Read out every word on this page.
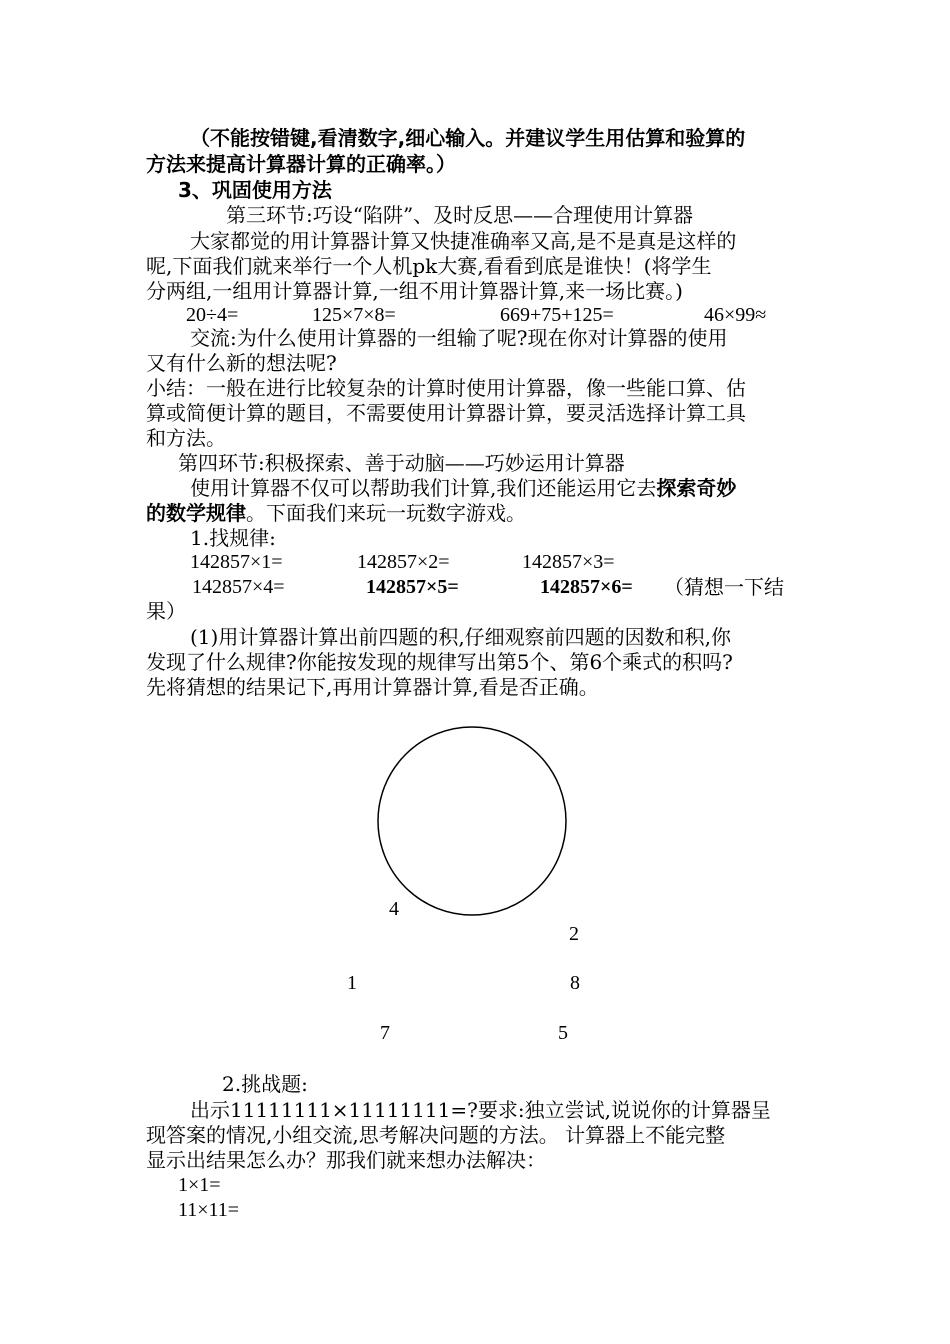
（不能按错键,看清数字,细心输入。并建议学生用估算和验算的
方法来提高计算器计算的正确率。）
3、巩固使用方法
第三环节:巧设“陷阱”、及时反思——合理使用计算器
大家都觉的用计算器计算又快捷准确率又高,是不是真是这样的
呢,下面我们就来举行一个人机pk大赛,看看到底是谁快！(将学生
分两组,一组用计算器计算,一组不用计算器计算,来一场比赛。)
20÷4=	125×7×8=	669+75+125=	46×99≈
交流:为什么使用计算器的一组输了呢?现在你对计算器的使用
又有什么新的想法呢?
小结：一般在进行比较复杂的计算时使用计算器，像一些能口算、估
算或简便计算的题目，不需要使用计算器计算，要灵活选择计算工具
和方法。
第四环节:积极探索、善于动脑——巧妙运用计算器
使用计算器不仅可以帮助我们计算,我们还能运用它去探索奇妙
的数学规律。下面我们来玩一玩数字游戏。
1.找规律:
142857×1=	142857×2=	142857×3=
142857×4=	142857×5=	142857×6= （猜想一下结
果）
(1)用计算器计算出前四题的积,仔细观察前四题的因数和积,你
发现了什么规律?你能按发现的规律写出第5个、第6个乘式的积吗?
先将猜想的结果记下,再用计算器计算,看是否正确。
4
2
1	8
7	5
2.挑战题:
出示11111111×11111111=?要求:独立尝试,说说你的计算器呈
现答案的情况,小组交流,思考解决问题的方法。 计算器上不能完整
显示出结果怎么办？那我们就来想办法解决：
1×1=
11×11=
